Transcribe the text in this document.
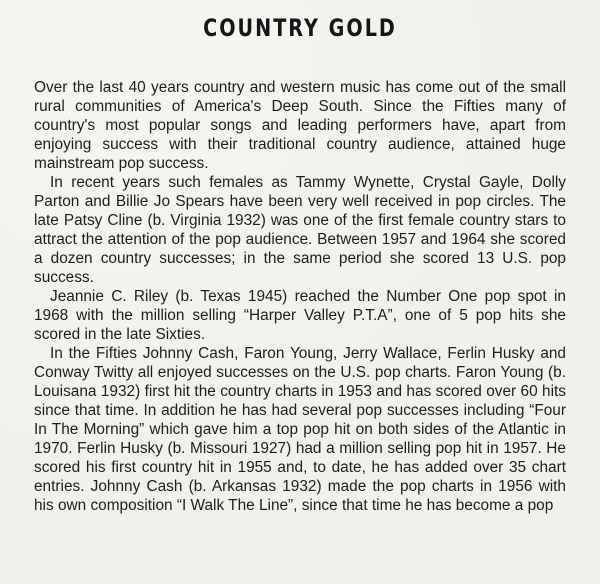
COUNTRY GOLD

Over the last 40 years country and western music has come out of the small rural communities of America's Deep South. Since the Fifties many of country's most popular songs and leading performers have, apart from enjoying success with their traditional country audience, attained huge mainstream pop success.

In recent years such females as Tammy Wynette, Crystal Gayle, Dolly Parton and Billie Jo Spears have been very well received in pop circles. The late Patsy Cline (b. Virginia 1932) was one of the first female country stars to attract the attention of the pop audience. Between 1957 and 1964 she scored a dozen country successes; in the same period she scored 13 U.S. pop success.

Jeannie C. Riley (b. Texas 1945) reached the Number One pop spot in 1968 with the million selling “Harper Valley P.T.A”, one of 5 pop hits she scored in the late Sixties.

In the Fifties Johnny Cash, Faron Young, Jerry Wallace, Ferlin Husky and Conway Twitty all enjoyed successes on the U.S. pop charts. Faron Young (b. Louisana 1932) first hit the country charts in 1953 and has scored over 60 hits since that time. In addition he has had several pop successes including “Four In The Morning” which gave him a top pop hit on both sides of the Atlantic in 1970. Ferlin Husky (b. Missouri 1927) had a million selling pop hit in 1957. He scored his first country hit in 1955 and, to date, he has added over 35 chart entries. Johnny Cash (b. Arkansas 1932) made the pop charts in 1956 with his own composition “I Walk The Line”, since that time he has become a pop
